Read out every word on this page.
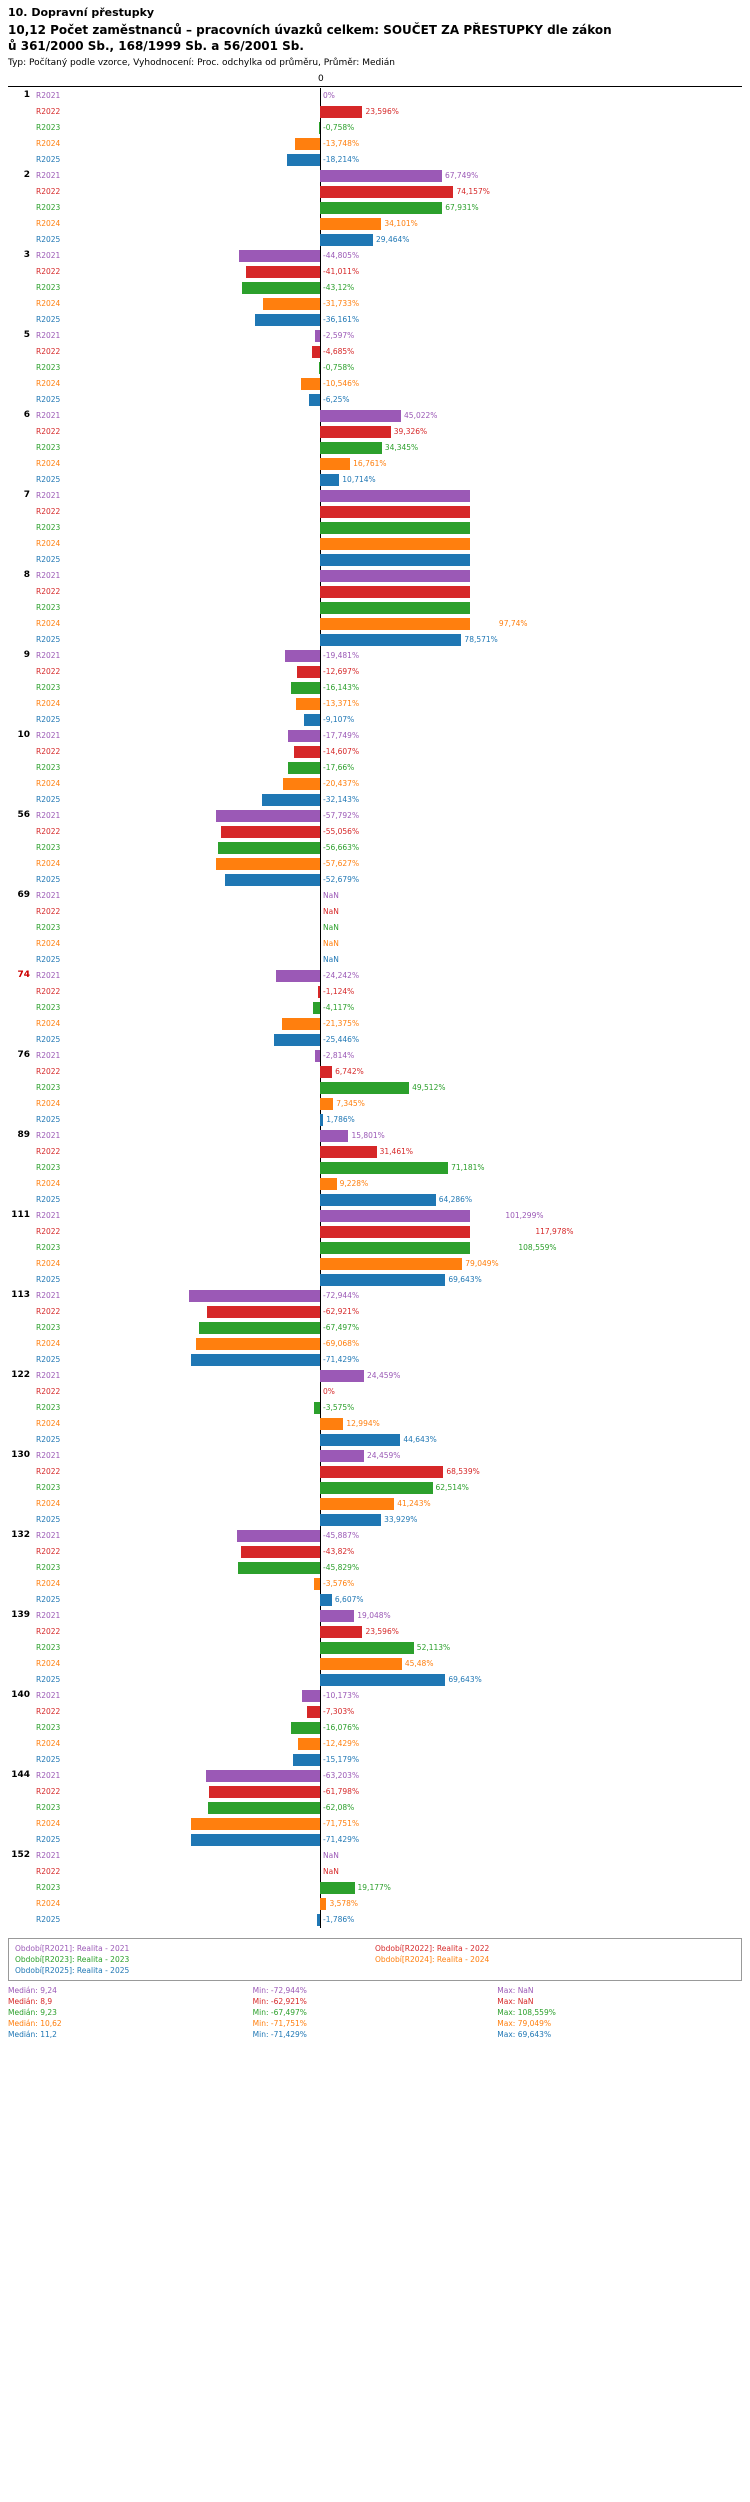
10. Dopravní přestupky
10,12 Počet zaměstnanců – pracovních úvazků celkem: SOUČET ZA PŘESTUPKY dle zákon
ů 361/2000 Sb., 168/1999 Sb. a 56/2001 Sb.
Typ: Počítaný podle vzorce, Vyhodnocení: Proc. odchylka od průměru, Průměr: Medián
0
1 R2021	0%
R2022	23,596%
R2023	-0,758%
R2024	-13,748%
R2025	-18,214%
2 R2021	67,749%
R2022	74,157%
R2023	67,931%
R2024	34,101%
R2025	29,464%
3 R2021	-44,805%
R2022	-41,011%
R2023	-43,12%
R2024	-31,733%
R2025	-36,161%
5 R2021	-2,597%
R2022	-4,685%
R2023	-0,758%
R2024	-10,546%
R2025	-6,25%
6 R2021	45,022%
R2022	39,326%
R2023	34,345%
R2024	16,761%
R2025	10,714%
7 R2021
R2022
R2023
R2024
R2025
8 R2021
R2022
R2023
R2024	97,74%
R2025	78,571%
9 R2021	-19,481%
R2022	-12,697%
R2023	-16,143%
R2024	-13,371%
R2025	-9,107%
10 R2021	-17,749%
R2022	-14,607%
R2023	-17,66%
R2024	-20,437%
R2025	-32,143%
56 R2021	-57,792%
R2022	-55,056%
R2023	-56,663%
R2024	-57,627%
R2025	-52,679%
69 R2021	NaN
R2022	NaN
R2023	NaN
R2024	NaN
R2025	NaN
74 R2021	-24,242%
R2022	-1,124%
R2023	-4,117%
R2024	-21,375%
R2025	-25,446%
76 R2021	-2,814%
R2022	6,742%
R2023	49,512%
R2024	7,345%
R2025	1,786%
89 R2021	15,801%
R2022	31,461%
R2023	71,181%
R2024	9,228%
R2025	64,286%
111 R2021	101,299%
R2022	117,978%
R2023	108,559%
R2024	79,049%
R2025	69,643%
113 R2021	-72,944%
R2022	-62,921%
R2023	-67,497%
R2024	-69,068%
R2025	-71,429%
122 R2021	24,459%
R2022	0%
R2023	-3,575%
R2024	12,994%
R2025	44,643%
130 R2021	24,459%
R2022	68,539%
R2023	62,514%
R2024	41,243%
R2025	33,929%
132 R2021	-45,887%
R2022	-43,82%
R2023	-45,829%
R2024	-3,576%
R2025	6,607%
139 R2021	19,048%
R2022	23,596%
R2023	52,113%
R2024	45,48%
R2025	69,643%
140 R2021	-10,173%
R2022	-7,303%
R2023	-16,076%
R2024	-12,429%
R2025	-15,179%
144 R2021	-63,203%
R2022	-61,798%
R2023	-62,08%
R2024	-71,751%
R2025	-71,429%
152 R2021	NaN
R2022	NaN
R2023	19,177%
R2024	3,578%
R2025	-1,786%
Období[R2021]: Realita - 2021	Období[R2022]: Realita - 2022
Období[R2023]: Realita - 2023	Období[R2024]: Realita - 2024
Období[R2025]: Realita - 2025
Medián: 9,24	Min: -72,944%	Max: NaN
Medián: 8,9	Min: -62,921%	Max: NaN
Medián: 9,23	Min: -67,497%	Max: 108,559%
Medián: 10,62	Min: -71,751%	Max: 79,049%
Medián: 11,2	Min: -71,429%	Max: 69,643%
